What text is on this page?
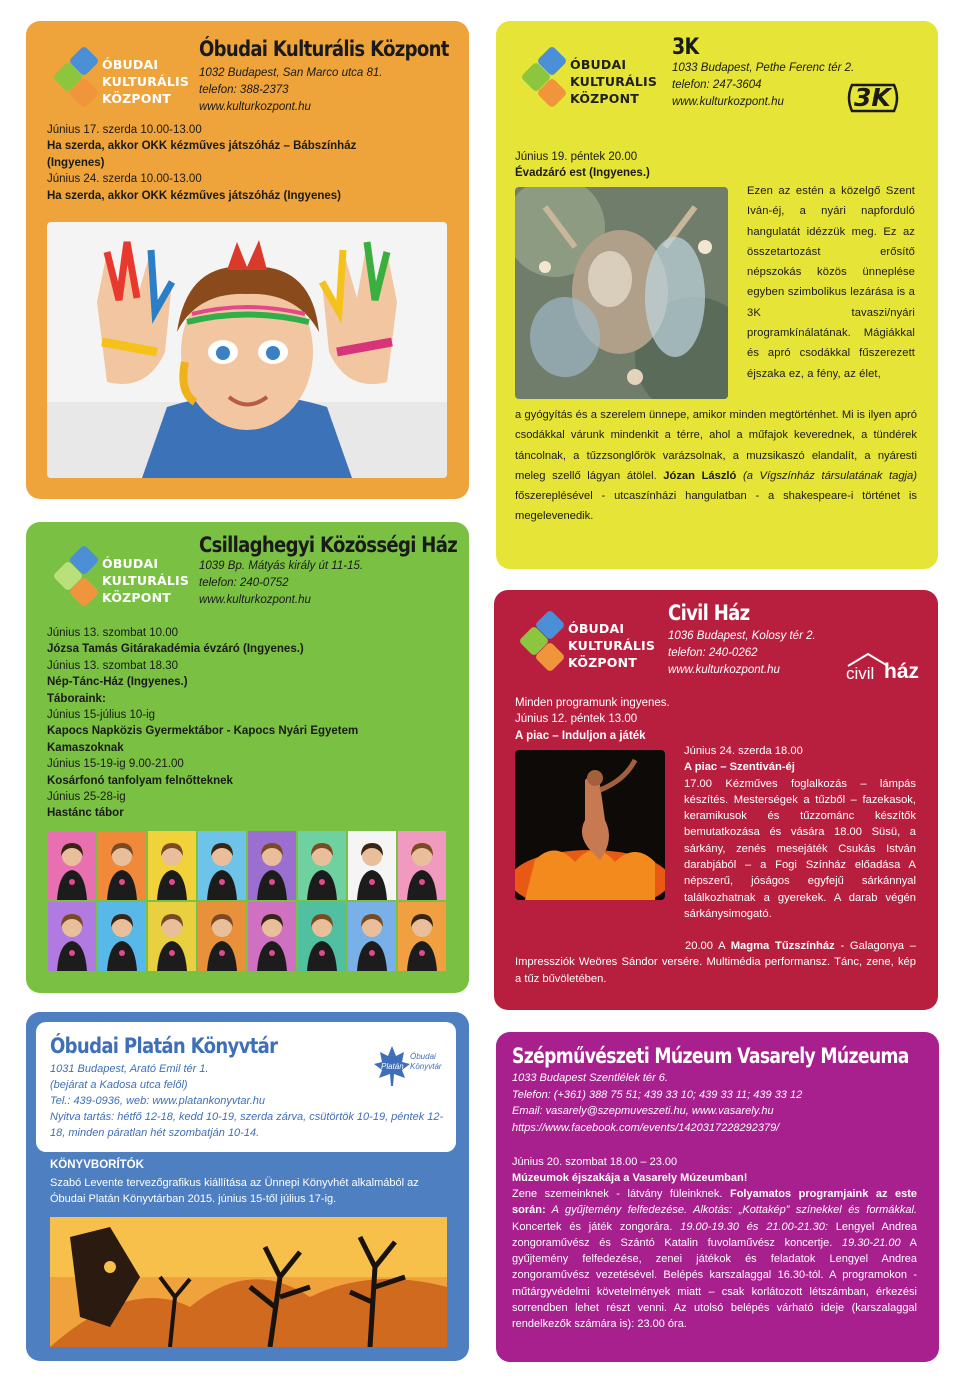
ÓBUDAI
KULTURÁLIS
KÖZPONT
Óbudai Kulturális Központ
1032 Budapest, San Marco utca 81.
telefon: 388-2373
www.kulturkozpont.hu
Június 17. szerda 10.00-13.00
Ha szerda, akkor OKK kézműves játszóház – Bábszínház
(Ingyenes)
Június 24. szerda 10.00-13.00
Ha szerda, akkor OKK kézműves játszóház (Ingyenes)
ÓBUDAI
KULTURÁLIS
KÖZPONT
3K
1033 Budapest, Pethe Ferenc tér 2.
telefon: 247-3604
www.kulturkozpont.hu	3K
Június 19. péntek 20.00
Évadzáró est (Ingyenes.)
Ezen az estén a közelgő Szent Iván-éj, a nyári napforduló hangulatát idézzük meg. Ez az összetartozást erősítő népszokás közös ünneplése egyben szimbolikus lezárása is a 3K tavaszi/nyári programkínálatának. Mágiákkal és apró csodákkal fűszerezett éjszaka ez, a fény, az élet,
a gyógyítás és a szerelem ünnepe, amikor minden megtörténhet. Mi is ilyen apró csodákkal várunk mindenkit a térre, ahol a műfajok keverednek, a tündérek táncolnak, a tűzzsonglőrök varázsolnak, a muzsikaszó elandalít, a nyáresti meleg szellő lágyan átölel. Józan László (a Vígszínház társulatának tagja) főszereplésével - utcaszínházi hangulatban - a shakespeare-i történet is megelevenedik.
ÓBUDAI
KULTURÁLIS
KÖZPONT
Csillaghegyi Közösségi Ház
1039 Bp. Mátyás király út 11-15.
telefon: 240-0752
www.kulturkozpont.hu
Június 13. szombat 10.00
Józsa Tamás Gitárakadémia évzáró (Ingyenes.)
Június 13. szombat 18.30
Nép-Tánc-Ház (Ingyenes.)
Táboraink:
Június 15-július 10-ig
Kapocs Napközis Gyermektábor - Kapocs Nyári Egyetem
Kamaszoknak
Június 15-19-ig 9.00-21.00
Kosárfonó tanfolyam felnőtteknek
Június 25-28-ig
Hastánc tábor
ÓBUDAI
KULTURÁLIS
KÖZPONT
Civil Ház
1036 Budapest, Kolosy tér 2.
telefon: 240-0262
www.kulturkozpont.hu	civil ház
Minden programunk ingyenes.
Június 12. péntek 13.00
A piac – Induljon a játék
Június 24. szerda 18.00
A piac – Szentiván-éj
17.00 Kézműves foglalkozás – lámpás készítés. Mesterségek a tűzből – fazekasok, keramikusok és tűzzománc készítők bemutatkozása és vására 18.00 Süsü, a sárkány, zenés mesejáték Csukás István darabjából – a Fogi Színház előadása A népszerű, jóságos egyfejű sárkánnyal találkozhatnak a gyerekek. A darab végén sárkánysimogató.
20.00 A Magma Tűzszínház - Galagonya – Impressziók Weöres Sándor versére. Multimédia performansz. Tánc, zene, kép a tűz bűvöletében.
Óbudai Platán Könyvtár
1031 Budapest, Arató Emil tér 1.
(bejárat a Kadosa utca felől)
Tel.: 439-0936, web: www.platankonyvtar.hu
Nyitva tartás: hétfő 12-18, kedd 10-19, szerda zárva, csütörtök 10-19, péntek 12-18, minden páratlan hét szombatján 10-14.
Platán
Óbudai
Könyvtár
KÖNYVBORÍTÓK
Szabó Levente tervezőgrafikus kiállítása az Ünnepi Könyvhét alkalmából az Óbudai Platán Könyvtárban 2015. június 15-től július 17-ig.
Szépművészeti Múzeum Vasarely Múzeuma
1033 Budapest Szentlélek tér 6.
Telefon: (+361) 388 75 51; 439 33 10; 439 33 11; 439 33 12
Email: vasarely@szepmuveszeti.hu, www.vasarely.hu
https://www.facebook.com/events/1420317228292379/
Június 20. szombat 18.00 – 23.00
Múzeumok éjszakája a Vasarely Múzeumban!
Zene szemeinknek - látvány füleinknek. Folyamatos programjaink az este során: A gyűjtemény felfedezése. Alkotás: „Kottakép” színekkel és formákkal. Koncertek és játék zongorára. 19.00-19.30 és 21.00-21.30: Lengyel Andrea zongoraművész és Szántó Katalin fuvolaművész koncertje. 19.30-21.00 A gyűjtemény felfedezése, zenei játékok és feladatok Lengyel Andrea zongoraművész vezetésével. Belépés karszalaggal 16.30-tól. A programokon - műtárgyvédelmi követelmények miatt – csak korlátozott létszámban, érkezési sorrendben lehet részt venni. Az utolsó belépés várható ideje (karszalaggal rendelkezők számára is): 23.00 óra.
